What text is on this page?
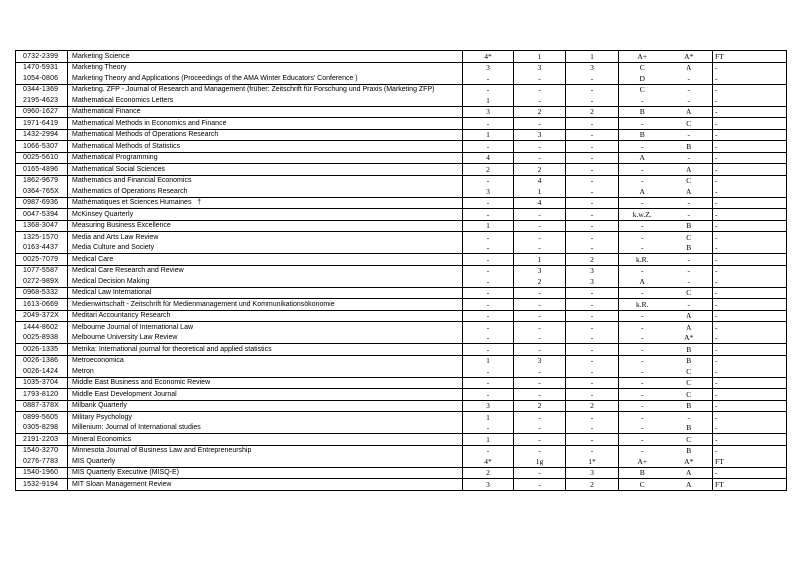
0732-2399	Marketing Science	4*	1	1	A+	A*	FT
1470-5931	Marketing Theory	3	3	3	C	A	-
1054-0806	Marketing Theory and Applications (Proceedings of the AMA Winter Educators' Conference )	-	-	-	D	-	-
0344-1369	Marketing. ZFP - Journal of Research and Management (früher: Zeitschrift für Forschung und Praxis (Marketing ZFP)	-	-	-	C	-	-
2195-4623	Mathematical Economics Letters	1	-	-	-	-	-
0960-1627	Mathematical Finance	3	2	2	B	A	-
1971-6419	Mathematical Methods in Economics and Finance	-	-	-	-	C	-
1432-2994	Mathematical Methods of Operations Research	1	3	-	B	-	-
1066-5307	Mathematical Methods of Statistics	-	-	-	-	B	-
0025-5610	Mathematical Programming	4	-	-	A	-	-
0165-4896	Mathematical Social Sciences	2	2	-	-	A	-
1862-9679	Mathematics and Financial Economics	-	4	-	-	C	-
0364-765X	Mathematics of Operations Research	3	1	-	A	A	-
0987-6936	Mathématiques et Sciences Humaines   †	-	4	-	-	-	-
0047-5394	McKinsey Quarterly	-	-	-	k.w.Z.	-	-
1368-3047	Measuring Business Excellence	1	-	-	-	B	-
1325-1570	Media and Arts Law Review	-	-	-	-	C	-
0163-4437	Media Culture and Society	-	-	-	-	B	-
0025-7079	Medical Care	-	1	2	k.R.	-	-
1077-5587	Medical Care Research and Review	-	3	3	-	-	-
0272-989X	Medical Decision Making	-	2	3	A	-	-
0968-5332	Medical Law International	-	-	-	-	C	-
1613-0669	Medienwirtschaft - Zeitschrift für Medienmanagement und Kommunikationsökonomie	-	-	-	k.R.	-	-
2049-372X	Meditari Accountancy Research	-	-	-	-	A	-
1444-8602	Melbourne Journal of International Law	-	-	-	-	A	-
0025-8938	Melbourne University Law Review	-	-	-	-	A*	-
0026-1335	Metrika: International journal for theoretical and applied statistics	-	-	-	-	B	-
0026-1386	Metroeconomica	1	3	-	-	B	-
0026-1424	Metron	-	-	-	-	C	-
1035-3704	Middle East Business and Economic Review	-	-	-	-	C	-
1793-8120	Middle East Development Journal	-	-	-	-	C	-
0887-378X	Milbank Quarterly	3	2	2	-	B	-
0899-5605	Military Psychology	1	-	-	-	-	-
0305-8298	Millenium: Journal of International studies	-	-	-	-	B	-
2191-2203	Mineral Economics	1	-	-	-	C	-
1540-3270	Minnesota Journal of Business Law and Entrepreneurship	-	-	-	-	B	-
0276-7783	MIS Quarterly	4*	1g	1*	A+	A*	FT
1540-1960	MIS Quarterly Executive (MISQ-E)	2	-	3	B	A	-
1532-9194	MIT Sloan Management Review	3	-	2	C	A	FT
